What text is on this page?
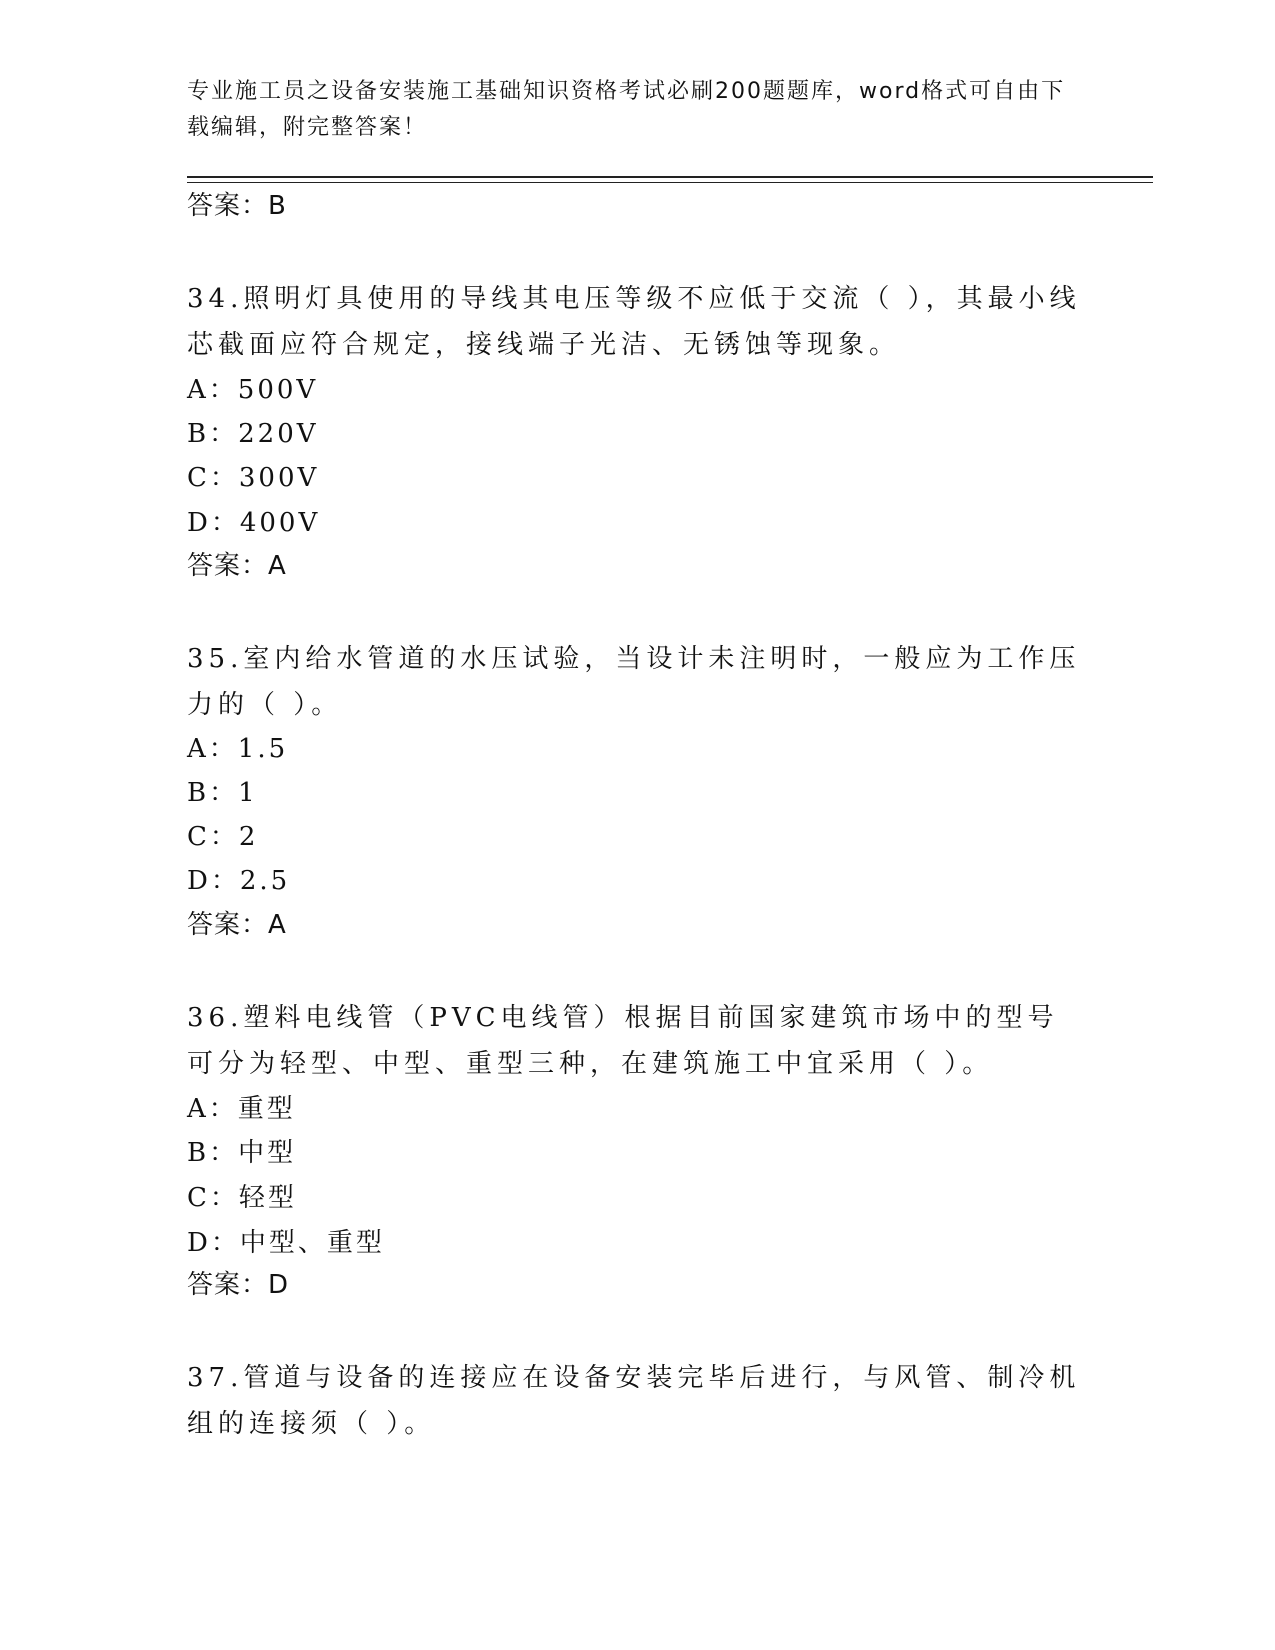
专业施工员之设备安装施工基础知识资格考试必刷200题题库，word格式可自由下载编辑，附完整答案！
答案：B
34.照明灯具使用的导线其电压等级不应低于交流（ ），其最小线芯截面应符合规定，接线端子光洁、无锈蚀等现象。
A：500V
B：220V
C：300V
D：400V
答案：A
35.室内给水管道的水压试验，当设计未注明时，一般应为工作压力的（ ）。
A：1.5
B：1
C：2
D：2.5
答案：A
36.塑料电线管（PVC电线管）根据目前国家建筑市场中的型号可分为轻型、中型、重型三种，在建筑施工中宜采用（ ）。
A：重型
B：中型
C：轻型
D：中型、重型
答案：D
37.管道与设备的连接应在设备安装完毕后进行，与风管、制冷机组的连接须（ ）。
